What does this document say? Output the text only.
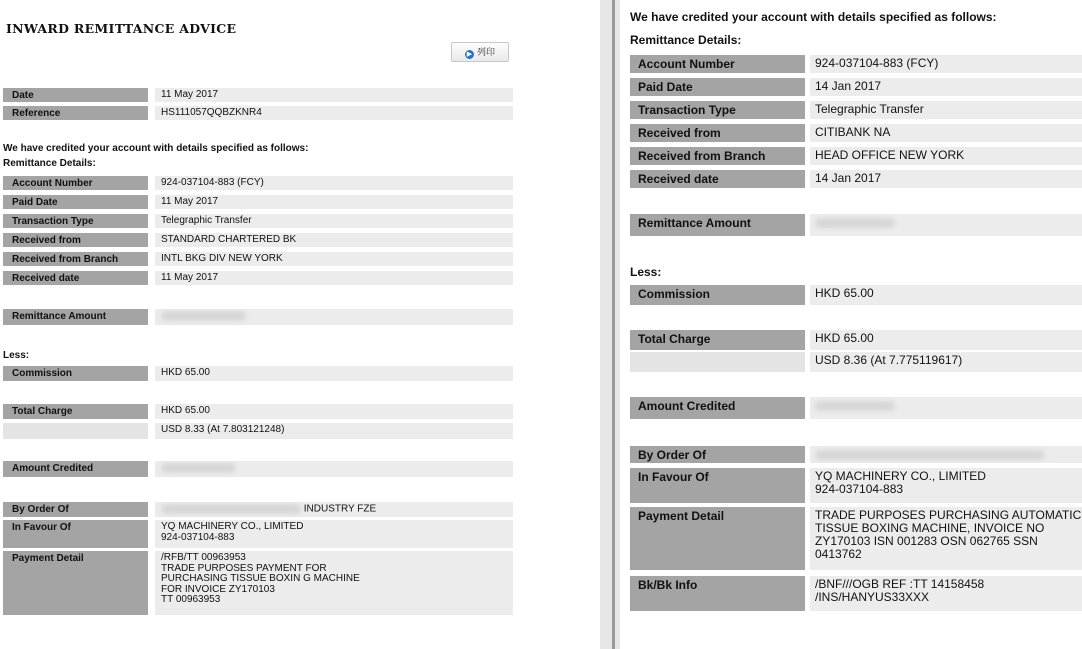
INWARD REMITTANCE ADVICE
▶ 列印
Date	11 May 2017
Reference	HS111057QQBZKNR4
We have credited your account with details specified as follows:
Remittance Details:
Account Number	924-037104-883 (FCY)
Paid Date	11 May 2017
Transaction Type	Telegraphic Transfer
Received from	STANDARD CHARTERED BK
Received from Branch	INTL BKG DIV NEW YORK
Received date	11 May 2017
Remittance Amount
Less:
Commission	HKD 65.00
Total Charge	HKD 65.00
USD 8.33 (At 7.803121248)
Amount Credited
By Order Of	INDUSTRY FZE
In Favour Of	YQ MACHINERY CO., LIMITED
924-037104-883
Payment Detail	/RFB/TT 00963953
TRADE PURPOSES PAYMENT FOR
PURCHASING TISSUE BOXIN G MACHINE
FOR INVOICE ZY170103
TT 00963953
We have credited your account with details specified as follows:
Remittance Details:
Account Number	924-037104-883 (FCY)
Paid Date	14 Jan 2017
Transaction Type	Telegraphic Transfer
Received from	CITIBANK NA
Received from Branch	HEAD OFFICE NEW YORK
Received date	14 Jan 2017
Remittance Amount
Less:
Commission	HKD 65.00
Total Charge	HKD 65.00
USD 8.36 (At 7.775119617)
Amount Credited
By Order Of
In Favour Of	YQ MACHINERY CO., LIMITED
924-037104-883
Payment Detail	TRADE PURPOSES PURCHASING AUTOMATIC
TISSUE BOXING MACHINE, INVOICE NO
ZY170103 ISN 001283 OSN 062765 SSN
0413762
Bk/Bk Info	/BNF///OGB REF :TT 14158458
/INS/HANYUS33XXX
